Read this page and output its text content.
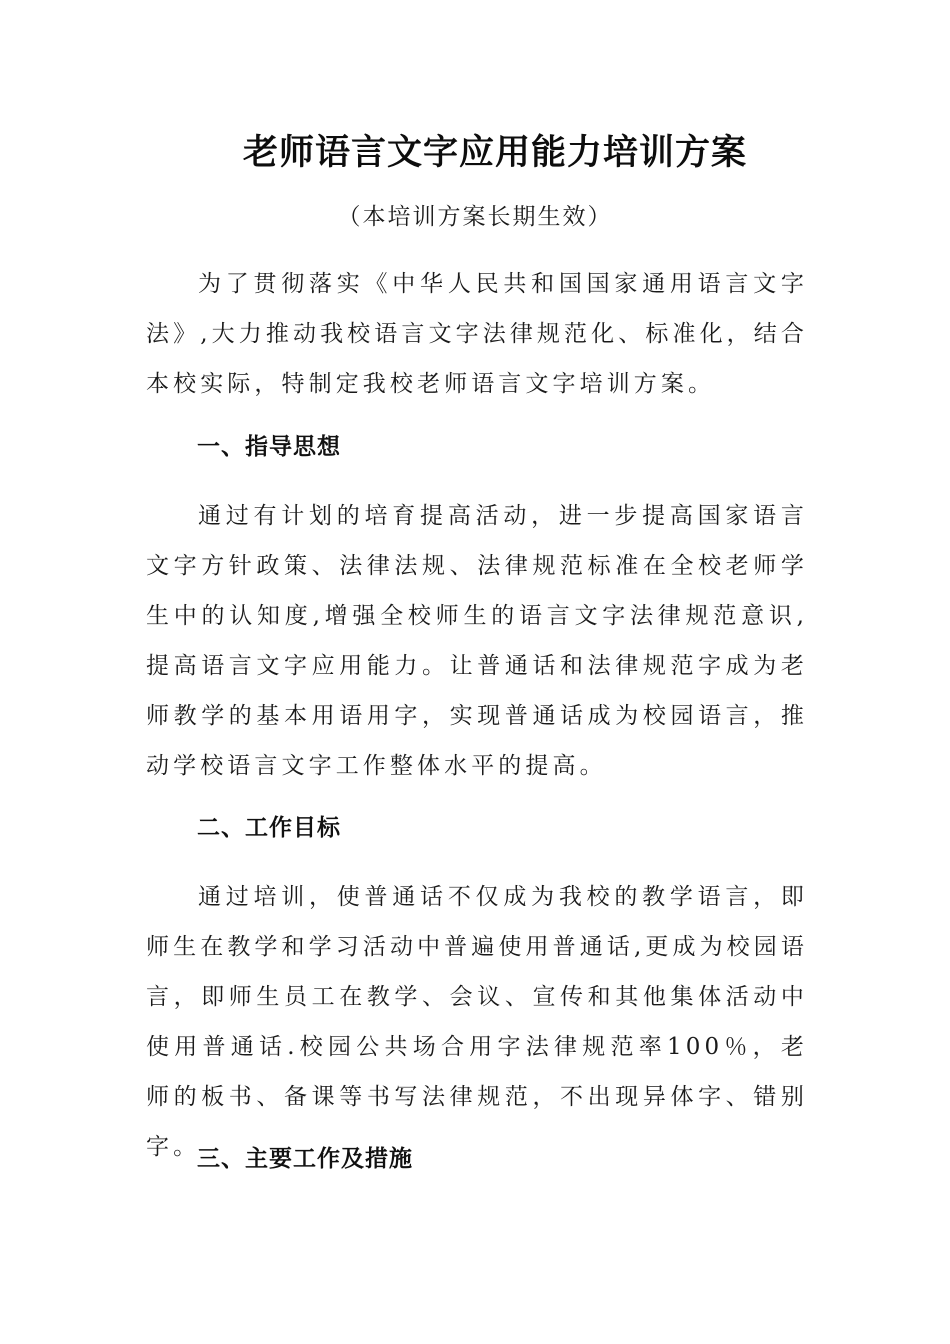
老师语言文字应用能力培训方案
（本培训方案长期生效）

为了贯彻落实《中华人民共和国国家通用语言文字法》,大力推动我校语言文字法律规范化、标准化，结合本校实际，特制定我校老师语言文字培训方案。

一、指导思想

通过有计划的培育提高活动，进一步提高国家语言文字方针政策、法律法规、法律规范标准在全校老师学生中的认知度,增强全校师生的语言文字法律规范意识,提高语言文字应用能力。让普通话和法律规范字成为老师教学的基本用语用字，实现普通话成为校园语言，推动学校语言文字工作整体水平的提高。

二、工作目标

通过培训，使普通话不仅成为我校的教学语言，即师生在教学和学习活动中普遍使用普通话,更成为校园语言，即师生员工在教学、会议、宣传和其他集体活动中使用普通话.校园公共场合用字法律规范率100％，老师的板书、备课等书写法律规范，不出现异体字、错别字。

三、主要工作及措施
